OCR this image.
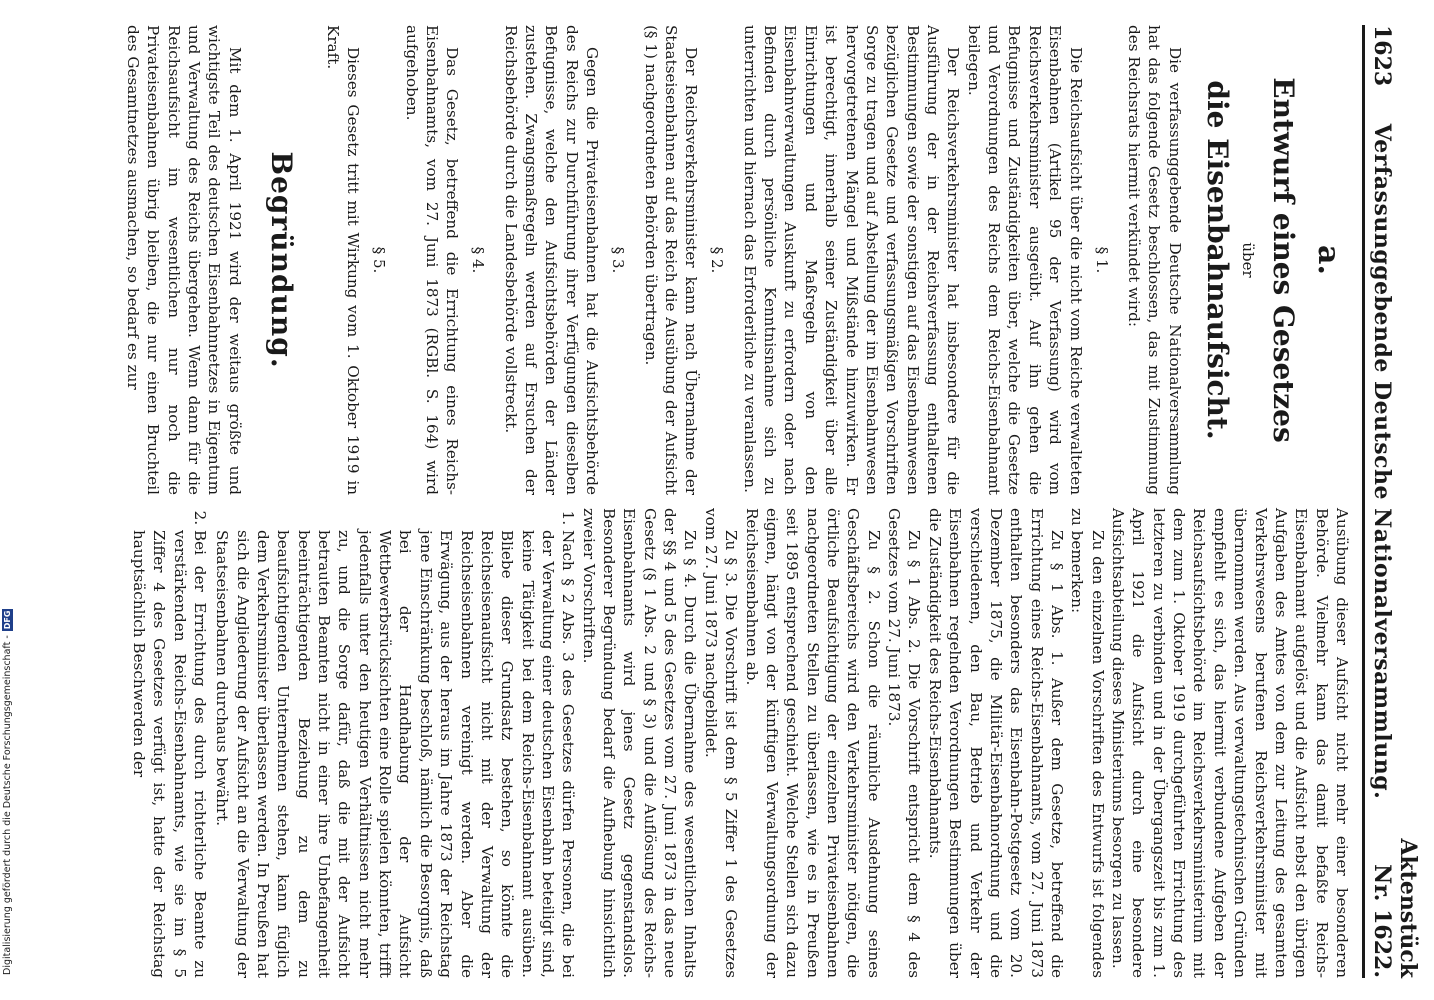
1623
Verfassunggebende Deutsche Nationalversammlung.
Aktenstück Nr. 1622.
a.
Entwurf eines Gesetzes
über
die Eisenbahnaufsicht.

Die verfassunggebende Deutsche Nationalversammlung hat das folgende Gesetz beschlossen, das mit Zustimmung des Reichsrats hiermit verkündet wird:

§ 1.

Die Reichsaufsicht über die nicht vom Reiche verwalteten Eisenbahnen (Artikel 95 der Verfassung) wird vom Reichsverkehrsminister ausgeübt. Auf ihn gehen die Befugnisse und Zuständigkeiten über, welche die Gesetze und Verordnungen des Reichs dem Reichs-Eisenbahnamt beilegen.

Der Reichsverkehrsminister hat insbesondere für die Ausführung der in der Reichsverfassung enthaltenen Bestimmungen sowie der sonstigen auf das Eisenbahnwesen bezüglichen Gesetze und verfassungsmäßigen Vorschriften Sorge zu tragen und auf Abstellung der im Eisenbahnwesen hervorgetretenen Mängel und Mißstände hinzuwirken. Er ist berechtigt, innerhalb seiner Zuständigkeit über alle Einrichtungen und Maßregeln von den Eisenbahnverwaltungen Auskunft zu erfordern oder nach Befinden durch persönliche Kenntnisnahme sich zu unterrichten und hiernach das Erforderliche zu veranlassen.

§ 2.

Der Reichsverkehrsminister kann nach Übernahme der Staatseisenbahnen auf das Reich die Ausübung der Aufsicht (§ 1) nachgeordneten Behörden übertragen.

§ 3.

Gegen die Privateisenbahnen hat die Aufsichtsbehörde des Reichs zur Durchführung ihrer Verfügungen dieselben Befugnisse, welche den Aufsichtsbehörden der Länder zustehen. Zwangsmaßregeln werden auf Ersuchen der Reichsbehörde durch die Landesbehörde vollstreckt.

§ 4.

Das Gesetz, betreffend die Errichtung eines Reichs-Eisenbahnamts, vom 27. Juni 1873 (RGBl. S. 164) wird aufgehoben.

§ 5.

Dieses Gesetz tritt mit Wirkung vom 1. Oktober 1919 in Kraft.

Begründung.

Mit dem 1. April 1921 wird der weitaus größte und wichtigste Teil des deutschen Eisenbahnnetzes in Eigentum und Verwaltung des Reichs übergehen. Wenn dann für die Reichsaufsicht im wesentlichen nur noch die Privateisenbahnen übrig bleiben, die nur einen Bruchteil des Gesamtnetzes ausmachen, so bedarf es zur

Ausübung dieser Aufsicht nicht mehr einer besonderen Behörde. Vielmehr kann das damit befaßte Reichs-Eisenbahnamt aufgelöst und die Aufsicht nebst den übrigen Aufgaben des Amtes von dem zur Leitung des gesamten Verkehrswesens berufenen Reichsverkehrsminister mit übernommen werden. Aus verwaltungstechnischen Gründen empfiehlt es sich, das hiermit verbundene Aufgeben der Reichsaufsichtsbehörde im Reichsverkehrsministerium mit dem zum 1. Oktober 1919 durchgeführten Errichtung des letzteren zu verbinden und in der Übergangszeit bis zum 1. April 1921 die Aufsicht durch eine besondere Aufsichtsabteilung dieses Ministeriums besorgen zu lassen.

Zu den einzelnen Vorschriften des Entwurfs ist folgendes zu bemerken:

Zu § 1 Abs. 1. Außer dem Gesetze, betreffend die Errichtung eines Reichs-Eisenbahnamts, vom 27. Juni 1873 enthalten besonders das Eisenbahn-Postgesetz vom 20. Dezember 1875, die Militär-Eisenbahnordnung und die verschiedenen, den Bau, Betrieb und Verkehr der Eisenbahnen regelnden Verordnungen Bestimmungen über die Zuständigkeit des Reichs-Eisenbahnamts.

Zu § 1 Abs. 2. Die Vorschrift entspricht dem § 4 des Gesetzes vom 27. Juni 1873.

Zu § 2. Schon die räumliche Ausdehnung seines Geschäftsbereichs wird den Verkehrsminister nötigen, die örtliche Beaufsichtigung der einzelnen Privateisenbahnen nachgeordneten Stellen zu überlassen, wie es in Preußen seit 1895 entsprechend geschieht. Welche Stellen sich dazu eignen, hängt von der künftigen Verwaltungsordnung der Reichseisenbahnen ab.

Zu § 3. Die Vorschrift ist dem § 5 Ziffer 1 des Gesetzes vom 27. Juni 1873 nachgebildet.

Zu § 4. Durch die Übernahme des wesentlichen Inhalts der §§ 4 und 5 des Gesetzes vom 27. Juni 1873 in das neue Gesetz (§ 1 Abs. 2 und § 3) und die Auflösung des Reichs-Eisenbahnamts wird jenes Gesetz gegenstandslos. Besonderer Begründung bedarf die Aufhebung hinsichtlich zweier Vorschriften.

1. Nach § 2 Abs. 3 des Gesetzes dürfen Personen, die bei der Verwaltung einer deutschen Eisenbahn beteiligt sind, keine Tätigkeit bei dem Reichs-Eisenbahnamt ausüben. Bliebe dieser Grundsatz bestehen, so könnte die Reichseisenaufsicht nicht mit der Verwaltung der Reichseisenbahnen vereinigt werden. Aber die Erwägung, aus der heraus im Jahre 1873 der Reichstag jene Einschränkung beschloß, nämlich die Besorgnis, daß bei der Handhabung der Aufsicht Wettbewerbsrücksichten eine Rolle spielen könnten, trifft jedenfalls unter den heutigen Verhältnissen nicht mehr zu, und die Sorge dafür, daß die mit der Aufsicht betrauten Beamten nicht in einer ihre Unbefangenheit beeinträchtigenden Beziehung zu dem zu beaufsichtigenden Unternehmen stehen, kann füglich dem Verkehrsminister überlassen werden. In Preußen hat sich die Angliederung der Aufsicht an die Verwaltung der Staatseisenbahnen durchaus bewährt.
2. Bei der Errichtung des durch richterliche Beamte zu verstärkenden Reichs-Eisenbahnamts, wie sie im § 5 Ziffer 4 des Gesetzes verfügt ist, hatte der Reichstag hauptsächlich Beschwerden der
Digitalisierung gefördert durch die Deutsche Forschungsgemeinschaft -
DFG
